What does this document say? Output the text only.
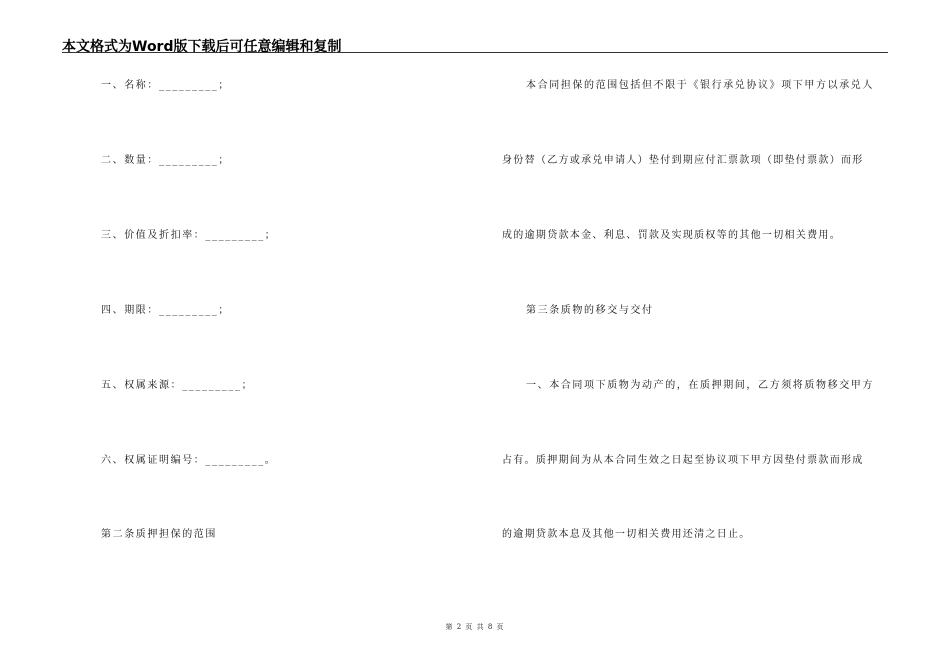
本文格式为Word版下载后可任意编辑和复制
一、名称：_________；
二、数量：_________；
三、价值及折扣率：_________；
四、期限：_________；
五、权属来源：_________；
六、权属证明编号：_________。
第二条质押担保的范围
本合同担保的范围包括但不限于《银行承兑协议》项下甲方以承兑人
身份替（乙方或承兑申请人）垫付到期应付汇票款项（即垫付票款）而形
成的逾期贷款本金、利息、罚款及实现质权等的其他一切相关费用。
第三条质物的移交与交付
一、本合同项下质物为动产的，在质押期间，乙方须将质物移交甲方
占有。质押期间为从本合同生效之日起至协议项下甲方因垫付票款而形成
的逾期贷款本息及其他一切相关费用还清之日止。
第 2 页 共 8 页
